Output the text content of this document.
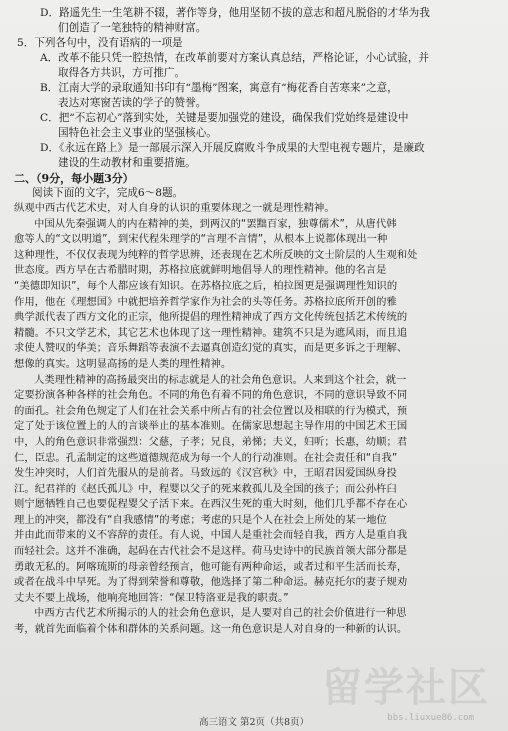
D．路遥先生一生笔耕不辍，著作等身，他用坚韧不拔的意志和超凡脱俗的才华为我
们创造了一笔独特的精神财富。
5．下列各句中，没有语病的一项是
A．改革不能只凭一腔热情，在改革前要对方案认真总结，严格论证，小心试验，并
取得各方共识，方可推广。
B．江南大学的录取通知书印有“墨梅”图案，寓意有“梅花香自苦寒来”之意，
表达对寒窗苦读的学子的赞誉。
C．把“不忘初心”落到实处，关键是要加强党的建设，确保我们党始终是建设中
国特色社会主义事业的坚强核心。
D．《永远在路上》是一部展示深入开展反腐败斗争成果的大型电视专题片，是廉政
建设的生动教材和重要措施。
二、（9分，每小题3分）
阅读下面的文字，完成6～8题。
纵观中西古代艺术史，对人自身的认识的重要体现之一就是理性精神。
中国从先秦强调人的内在精神的美，到两汉的“罢黜百家，独尊儒术”，从唐代韩
愈等人的“文以明道”，到宋代程朱理学的“言理不言情”，从根本上说都体现出一种
这种理性，不仅仅表现为纯粹的哲学思辨，还表现在艺术所反映的文士阶层的人生观和处
世态度。西方早在古希腊时期，苏格拉底就鲜明地倡导人的理性精神。他的名言是
“美德即知识”，每个人都应该有知识。在苏格拉底之后，柏拉图更是强调理性知识的
作用，他在《理想国》中就把培养哲学家作为社会的头等任务。苏格拉底所开创的雅
典学派代表了西方文化的正宗，他所提倡的理性精神成了西方文化传统包括艺术传统的
精髓。不只文学艺术，其它艺术也体现了这一理性精神。建筑不只是为遮风雨，而且追
求使人赞叹的华美；音乐舞蹈等表演不去逼真创造幻觉的真实，而是更多诉之于理解、
想像的真实。这明显高扬的是人类的理性精神。
人类理性精神的高扬最突出的标志就是人的社会角色意识。人来到这个社会，就一
定要扮演各种各样的社会角色。不同的角色有着不同的角色意识，不同的意识导致不同
的面孔。社会角色规定了人们在社会关系中所占有的社会位置以及相联的行为模式，预
定了处于该位置上的人的言谈举止的基本准则。在儒家思想起主导作用的中国艺术王国
中，人的角色意识非常强烈：父慈，子孝；兄良，弟悌；夫义，妇听；长惠，幼顺；君
仁，臣忠。孔孟制定的这些道德规范成为每一个人的行动准则。在社会责任和“自我”
发生冲突时，人们首先服从的是前者。马致远的《汉宫秋》中，王昭君因爱国纵身投
江。纪君祥的《赵氏孤儿》中，程婴以父子的死来救孤儿及全国的孩子；而公孙杵臼
则宁愿牺牲自己也要促程婴父子活下来。在西汉生死的重大时刻，他们几乎都不存在心
理上的冲突，都没有“自我感情”的考虑；考虑的只是个人在社会上所处的某一地位
并由此而带来的义不容辞的责任。有人说，中国人是重社会而轻自我，西方人是重自我
而轻社会。这并不准确，起码在古代社会不是这样。荷马史诗中的民族首领大部分都是
勇敢无私的。阿喀琉斯的母亲曾经预言，他可能有两种命运，或者过和平生活而长寿，
或者在战斗中早死。为了得到荣誉和尊敬，他选择了第二种命运。赫克托尔的妻子规劝
丈夫不要上战场，他响亮地回答：“保卫特洛亚是我的职责。”
中西方古代艺术所揭示的人的社会角色意识，是人要对自己的社会价值进行一种思
考，就首先面临着个体和群体的关系问题。这一角色意识是人对自身的一种新的认识。
高三语文 第2页（共8页）
留学社区
bbs.liuxue86.com
